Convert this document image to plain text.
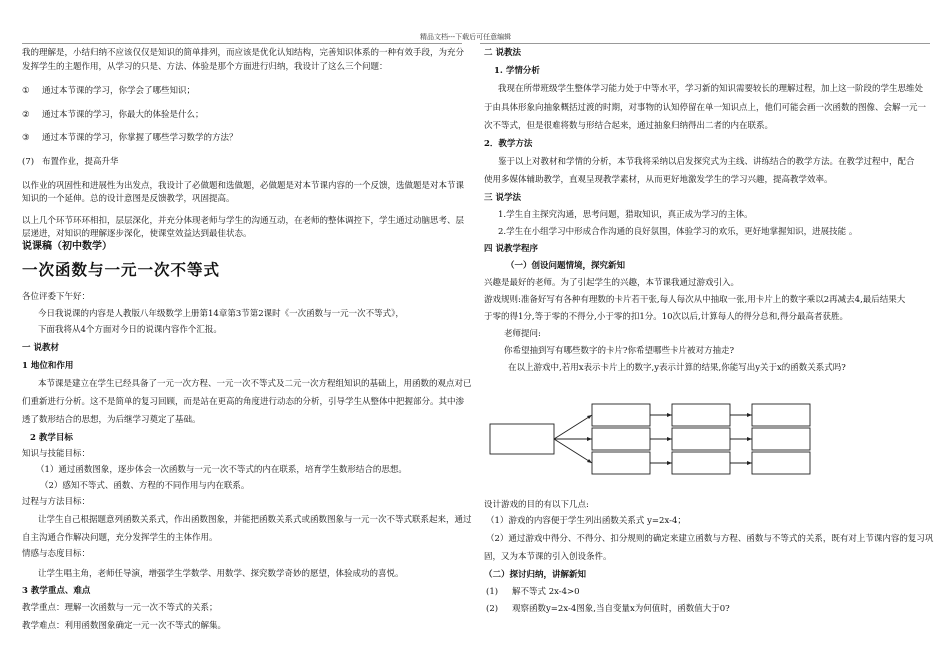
精品文档---下载后可任意编辑
我的理解是，小结归纳不应该仅仅是知识的简单排列，而应该是优化认知结构，完善知识体系的一种有效手段，为充分
发挥学生的主题作用，从学习的只是、方法、体验是那个方面进行归纳，我设计了这么三个问题：
① 通过本节课的学习，你学会了哪些知识；
② 通过本节课的学习，你最大的体验是什么；
③ 通过本节课的学习，你掌握了哪些学习数学的方法？
(7) 布置作业，提高升华
以作业的巩固性和进展性为出发点，我设计了必做题和选做题，必做题是对本节课内容的一个反馈，选做题是对本节课
知识的一个延伸。总的设计意图是反馈教学，巩固提高。
以上几个环节环环相扣，层层深化，并充分体现老师与学生的沟通互动，在老师的整体调控下，学生通过动脑思考、层
层递进，对知识的理解逐步深化，使课堂效益达到最佳状态。
说课稿（初中数学）
一次函数与一元一次不等式
各位评委下午好：
今日我说课的内容是人教版八年级数学上册第14章第3节第2课时《一次函数与一元一次不等式》，
下面我将从4个方面对今日的说课内容作个汇报。
一 说教材
1 地位和作用
本节课是建立在学生已经具备了一元一次方程、一元一次不等式及二元一次方程组知识的基础上，用函数的观点对已
们重新进行分析。这不是简单的复习回顾，而是站在更高的角度进行动态的分析，引导学生从整体中把握部分。其中渗
透了数形结合的思想，为后继学习奠定了基础。
2 教学目标
知识与技能目标：
（1）通过函数图象，逐步体会一次函数与一元一次不等式的内在联系，培育学生数形结合的思想。
（2）感知不等式、函数、方程的不同作用与内在联系。
过程与方法目标：
让学生自己根据题意列函数关系式，作出函数图象，并能把函数关系式或函数图象与一元一次不等式联系起来，通过
自主沟通合作解决问题，充分发挥学生的主体作用。
情感与态度目标：
让学生唱主角，老师任导演，增强学生学数学、用数学、探究数学奇妙的愿望，体验成功的喜悦。
3 教学重点、难点
教学重点：理解一次函数与一元一次不等式的关系；
教学难点：利用函数图象确定一元一次不等式的解集。
二 说教法
1. 学情分析
我现在所带班级学生整体学习能力处于中等水平，学习新的知识需要较长的理解过程，加上这一阶段的学生思维处
于由具体形象向抽象概括过渡的时期，对事物的认知停留在单一知识点上，他们可能会画一次函数的图像、会解一元一
次不等式，但是很难将数与形结合起来，通过抽象归纳得出二者的内在联系。
2．教学方法
鉴于以上对教材和学情的分析，本节我将采纳以启发探究式为主线、讲练结合的教学方法。在教学过程中，配合
使用多媒体辅助教学，直观呈现教学素材，从而更好地激发学生的学习兴趣，提高教学效率。
三 说学法
1.学生自主探究沟通，思考问题，猎取知识，真正成为学习的主体。
2.学生在小组学习中形成合作沟通的良好氛围，体验学习的欢乐，更好地掌握知识，进展技能 。
四 说教学程序
（一）创设问题情境，探究新知
兴趣是最好的老师。为了引起学生的兴趣，本节课我通过游戏引入。
游戏规则:准备好写有各种有理数的卡片若干张,每人每次从中抽取一张,用卡片上的数字乘以2再减去4,最后结果大
于零的得1分,等于零的不得分,小于零的扣1分。10次以后,计算每人的得分总和,得分最高者获胜。
老师提问:
你希望抽到写有哪些数字的卡片?你希望哪些卡片被对方抽走?
在以上游戏中,若用x表示卡片上的数字,y表示计算的结果,你能写出y关于x的函数关系式吗?
设计游戏的目的有以下几点:
（1）游戏的内容便于学生列出函数关系式 y=2x-4；
（2）通过游戏中得分、不得分、扣分规则的确定来建立函数与方程、函数与不等式的关系，既有对上节课内容的复习巩
固，又为本节课的引入创设条件。
（二）探讨归纳，讲解新知
(1) 解不等式 2x-4>0
(2) 观察函数y=2x-4图象,当自变量x为何值时，函数值大于0?
